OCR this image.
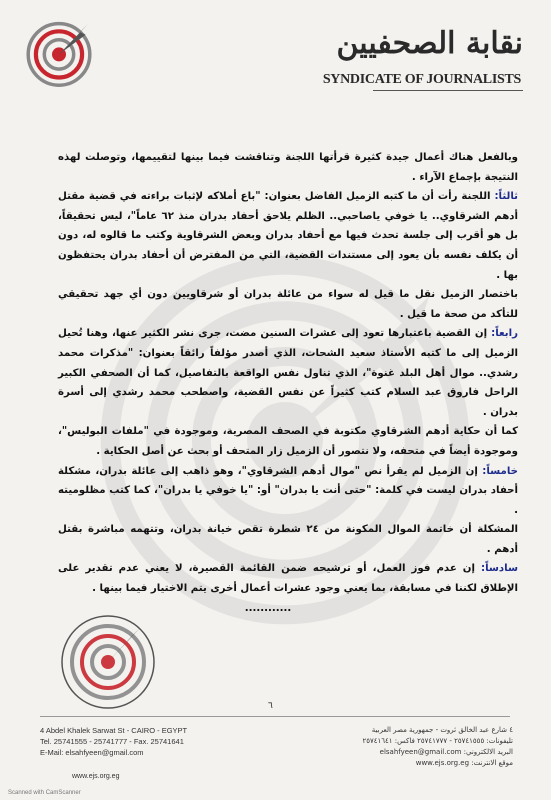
نقابة الصحفيين
SYNDICATE OF JOURNALISTS

وبالفعل هناك أعمال جيدة كثيرة قرأتها اللجنة وتناقشت فيما بينها لتقييمها، وتوصلت لهذه النتيجة بإجماع الآراء .

ثالثاً: اللجنة رأت أن ما كتبه الزميل الفاضل بعنوان: "باع أملاكه لإثبات براءته في قضية مقتل أدهم الشرقاوي.. يا خوفي ياصاحبي.. الظلم يلاحق أحفاد بدران منذ ٦٢ عاماً"، ليس تحقيقاً، بل هو أقرب إلى جلسة تحدث فيها مع أحفاد بدران وبعض الشرقاوية وكتب ما قالوه له، دون أن يكلف نفسه بأن يعود إلى مستندات القضية، التي من المفترض أن أحفاد بدران يحتفظون بها .

باختصار الزميل نقل ما قيل له سواء من عائلة بدران أو شرقاويين دون أي جهد تحقيقي للتأكد من صحة ما قيل .

رابعاً: إن القضية باعتبارها تعود إلى عشرات السنين مضت، جرى نشر الكثير عنها، وهنا تُحيل الزميل إلى ما كتبه الأستاذ سعيد الشحات، الذي أصدر مؤلفاً رائقاً بعنوان: "مذكرات محمد رشدي.. موال أهل البلد غنوة"، الذي تناول نفس الواقعة بالتفاصيل، كما أن الصحفي الكبير الراحل فاروق عبد السلام كتب كثيراً عن نفس القضية، واصطحب محمد رشدي إلى أسرة بدران .

كما أن حكاية أدهم الشرقاوي مكتوبة في الصحف المصرية، وموجودة في "ملفات البوليس"، وموجودة أيضاً في متحفه، ولا نتصور أن الزميل زار المتحف أو بحث عن أصل الحكاية .

خامساً: إن الزميل لم يقرأ نص "موال أدهم الشرقاوي"، وهو ذاهب إلى عائلة بدران، مشكلة أحفاد بدران ليست في كلمة: "حتى أنت يا بدران" أو: "يا خوفي يا بدران"، كما كتب مظلوميته .

المشكلة أن خاتمة الموال المكونة من ٢٤ شطرة تقص خيانة بدران، وتتهمه مباشرة بقتل أدهم .

سادساً: إن عدم فوز العمل، أو ترشيحه ضمن القائمة القصيرة، لا يعني عدم تقدير على الإطلاق لكننا في مسابقة، بما يعني وجود عشرات أعمال أخرى يتم الاختيار فيما بينها .

............

٦
4 Abdel Khalek Sarwat St - CAIRO - EGYPT
Tel. 25741555 - 25741777 - Fax. 25741641
E-Mail: elsahfyeen@gmail.com
www.ejs.org.eg
٤ شارع عبد الخالق ثروت - جمهورية مصر العربية
تليفونات: ٢٥٧٤١٥٥٥ - ٢٥٧٤١٧٧٧ فاكس: ٢٥٧٤١٦٤١
البريد الالكتروني: elsahfyeen@gmail.com
موقع الانترنت: www.ejs.org.eg
Scanned with CamScanner
